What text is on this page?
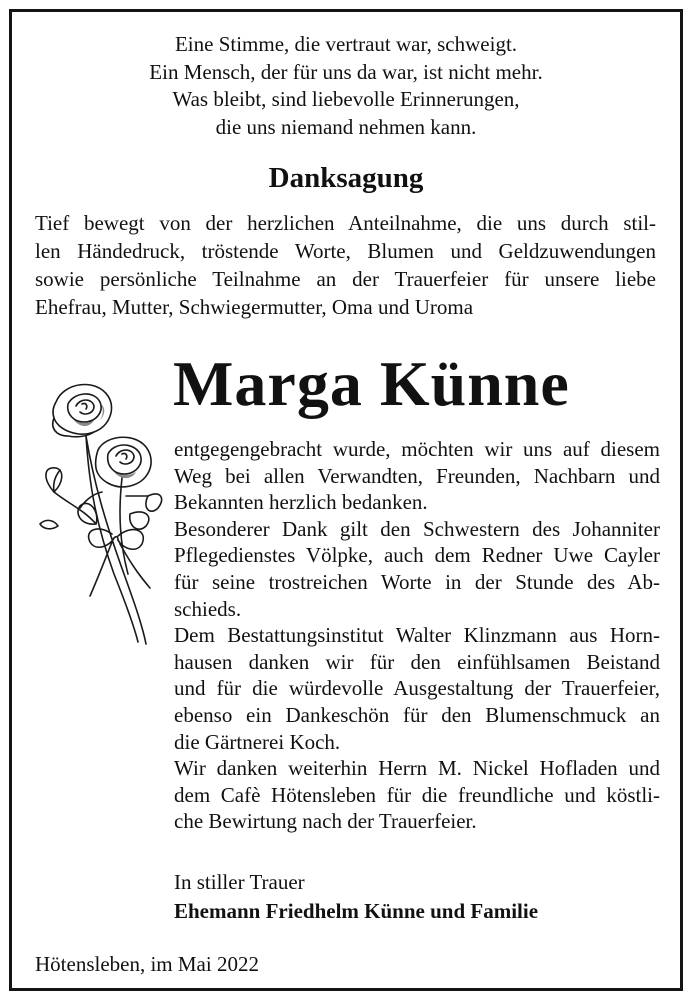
Eine Stimme, die vertraut war, schweigt.
Ein Mensch, der für uns da war, ist nicht mehr.
Was bleibt, sind liebevolle Erinnerungen,
die uns niemand nehmen kann.
Danksagung
Tief bewegt von der herzlichen Anteilnahme, die uns durch stil-
len Händedruck, tröstende Worte, Blumen und Geldzuwendungen
sowie persönliche Teilnahme an der Trauerfeier für unsere liebe
Ehefrau, Mutter, Schwiegermutter, Oma und Uroma
Marga Künne
entgegengebracht wurde, möchten wir uns auf diesem
Weg bei allen Verwandten, Freunden, Nachbarn und
Bekannten herzlich bedanken.
Besonderer Dank gilt den Schwestern des Johanniter
Pflegedienstes Völpke, auch dem Redner Uwe Cayler
für seine trostreichen Worte in der Stunde des Ab-
schieds.
Dem Bestattungsinstitut Walter Klinzmann aus Horn-
hausen danken wir für den einfühlsamen Beistand
und für die würdevolle Ausgestaltung der Trauerfeier,
ebenso ein Dankeschön für den Blumenschmuck an
die Gärtnerei Koch.
Wir danken weiterhin Herrn M. Nickel Hofladen und
dem Cafè Hötensleben für die freundliche und köstli-
che Bewirtung nach der Trauerfeier.
In stiller Trauer
Ehemann Friedhelm Künne und Familie
Hötensleben, im Mai 2022
